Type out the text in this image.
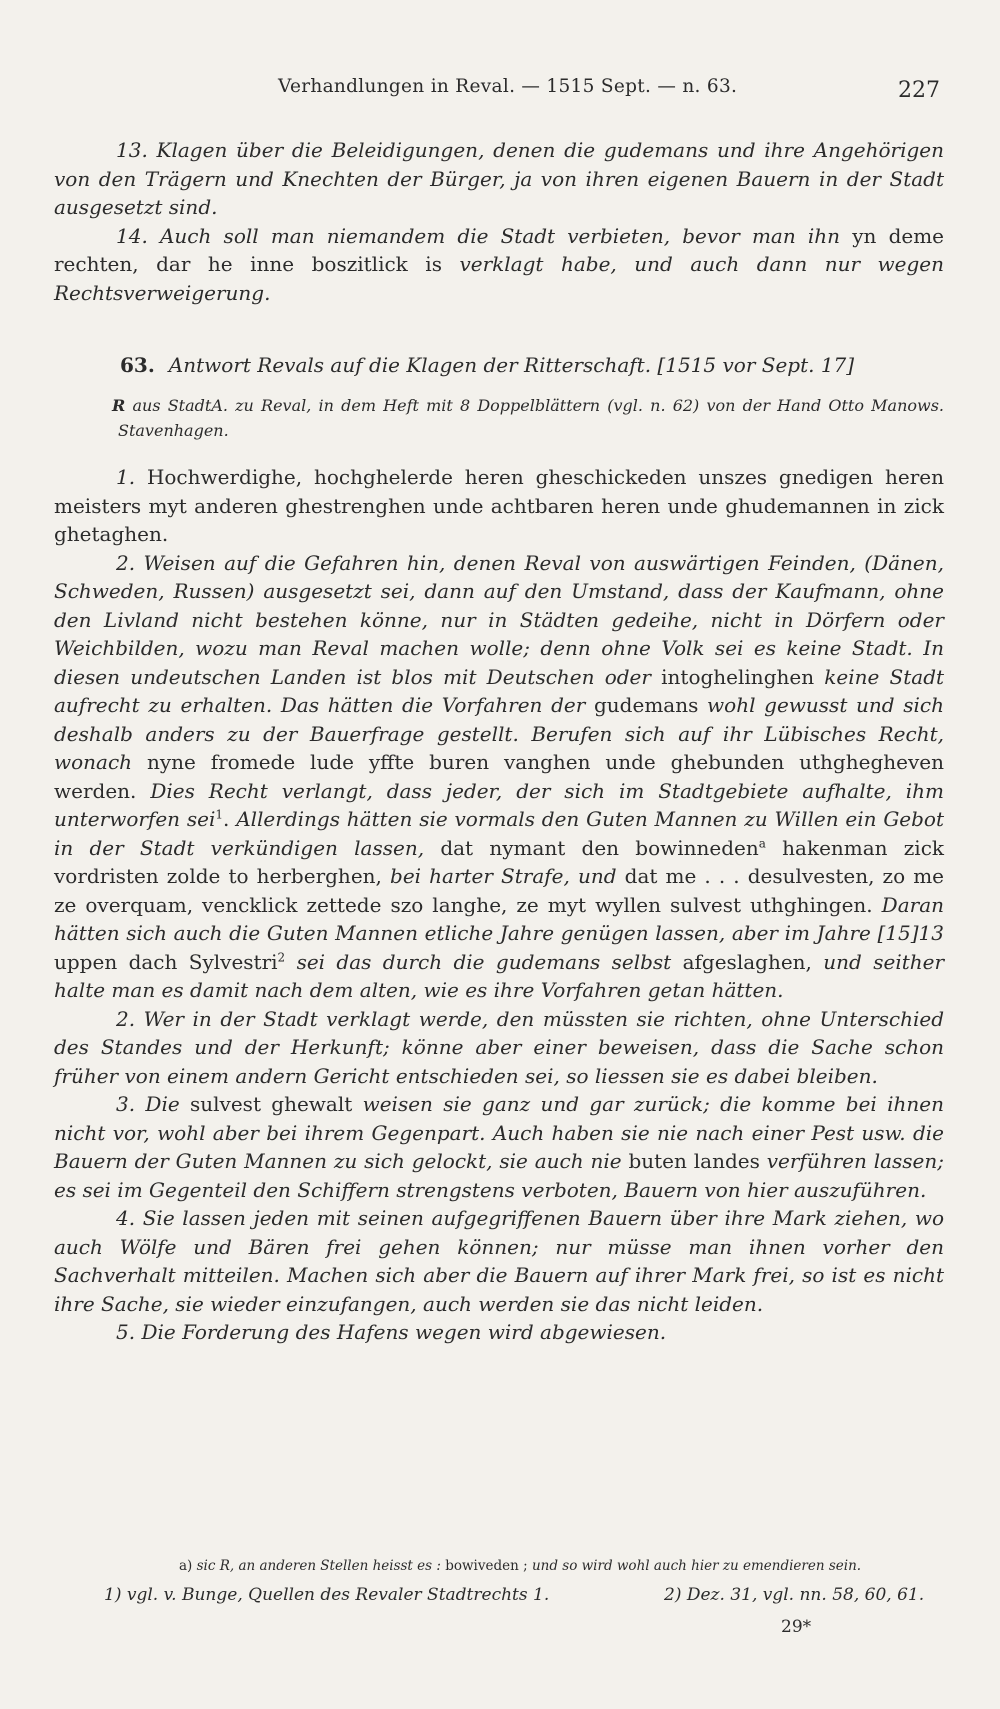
Verhandlungen in Reval. — 1515 Sept. — n. 63.	227

13. Klagen über die Beleidigungen, denen die gudemans und ihre Angehörigen von den Trägern und Knechten der Bürger, ja von ihren eigenen Bauern in der Stadt ausgesetzt sind.

14. Auch soll man niemandem die Stadt verbieten, bevor man ihn yn deme rechten, dar he inne boszitlick is verklagt habe, und auch dann nur wegen Rechtsverweigerung.

63. Antwort Revals auf die Klagen der Ritterschaft. [1515 vor Sept. 17]

R aus StadtA. zu Reval, in dem Heft mit 8 Doppelblättern (vgl. n. 62) von der Hand Otto Manows. Stavenhagen.

1. Hochwerdighe, hochghelerde heren gheschickeden unszes gnedigen heren meisters myt anderen ghestrenghen unde achtbaren heren unde ghudemannen in zick ghetaghen.

2. Weisen auf die Gefahren hin, denen Reval von auswärtigen Feinden, (Dänen, Schweden, Russen) ausgesetzt sei, dann auf den Umstand, dass der Kaufmann, ohne den Livland nicht bestehen könne, nur in Städten gedeihe, nicht in Dörfern oder Weichbilden, wozu man Reval machen wolle; denn ohne Volk sei es keine Stadt. In diesen undeutschen Landen ist blos mit Deutschen oder intoghelinghen keine Stadt aufrecht zu erhalten. Das hätten die Vorfahren der gudemans wohl gewusst und sich deshalb anders zu der Bauerfrage gestellt. Berufen sich auf ihr Lübisches Recht, wonach nyne fromede lude yffte buren vanghen unde ghebunden uthghegheven werden. Dies Recht verlangt, dass jeder, der sich im Stadtgebiete aufhalte, ihm unterworfen sei$^1$. Allerdings hätten sie vormals den Guten Mannen zu Willen ein Gebot in der Stadt verkündigen lassen, dat nymant den bowinneden$^a$ hakenman zick vordristen zolde to herberghen, bei harter Strafe, und dat me . . . desulvesten, zo me ze overquam, vencklick zettede szo langhe, ze myt wyllen sulvest uthghingen. Daran hätten sich auch die Guten Mannen etliche Jahre genügen lassen, aber im Jahre [15]13 uppen dach Sylvestri$^2$ sei das durch die gudemans selbst afgeslaghen, und seither halte man es damit nach dem alten, wie es ihre Vorfahren getan hätten.

2. Wer in der Stadt verklagt werde, den müssten sie richten, ohne Unterschied des Standes und der Herkunft; könne aber einer beweisen, dass die Sache schon früher von einem andern Gericht entschieden sei, so liessen sie es dabei bleiben.

3. Die sulvest ghewalt weisen sie ganz und gar zurück; die komme bei ihnen nicht vor, wohl aber bei ihrem Gegenpart. Auch haben sie nie nach einer Pest usw. die Bauern der Guten Mannen zu sich gelockt, sie auch nie buten landes verführen lassen; es sei im Gegenteil den Schiffern strengstens verboten, Bauern von hier auszuführen.

4. Sie lassen jeden mit seinen aufgegriffenen Bauern über ihre Mark ziehen, wo auch Wölfe und Bären frei gehen können; nur müsse man ihnen vorher den Sachverhalt mitteilen. Machen sich aber die Bauern auf ihrer Mark frei, so ist es nicht ihre Sache, sie wieder einzufangen, auch werden sie das nicht leiden.

5. Die Forderung des Hafens wegen wird abgewiesen.

a) sic R, an anderen Stellen heisst es : bowiveden ; und so wird wohl auch hier zu emendieren sein.
1) vgl. v. Bunge, Quellen des Revaler Stadtrechts 1.	2) Dez. 31, vgl. nn. 58, 60, 61.
29*
